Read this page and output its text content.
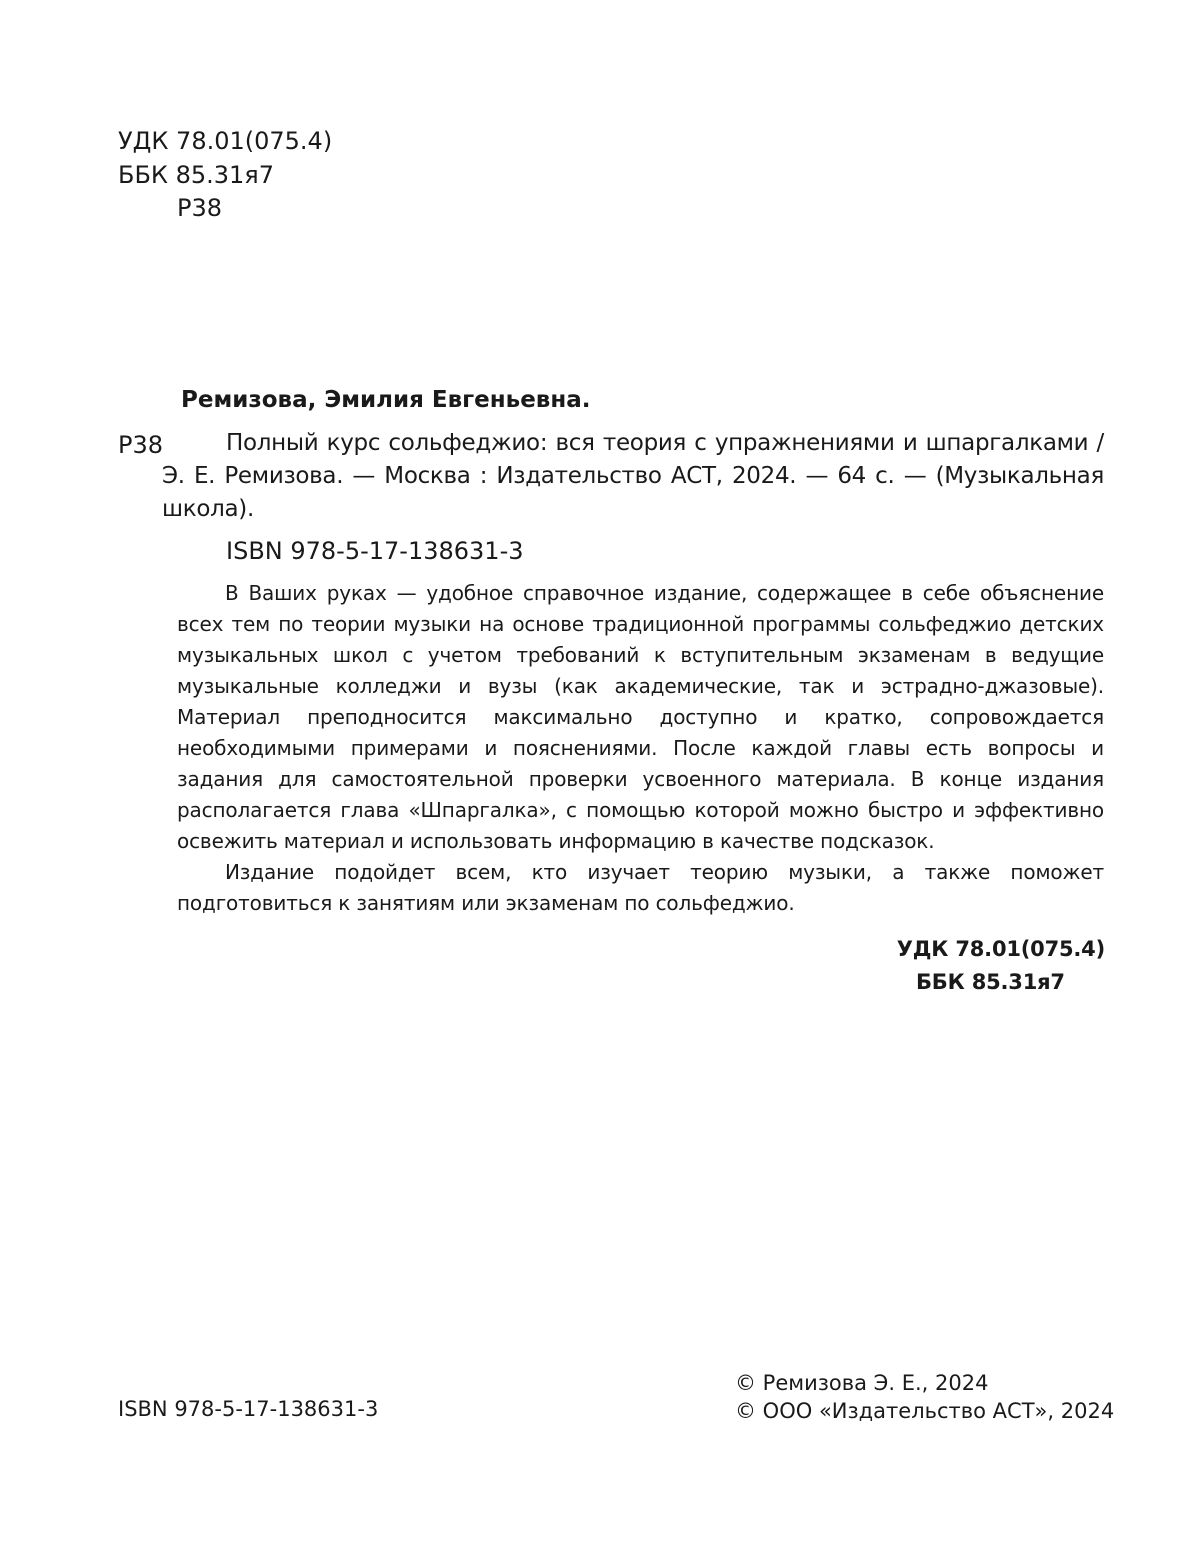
УДК 78.01(075.4)
ББК 85.31я7
Р38
Ремизова, Эмилия Евгеньевна.
Р38	Полный курс сольфеджио: вся теория с упражнениями и шпаргалками / Э. Е. Ремизова. — Москва : Издательство АСТ, 2024. — 64 с. — (Музыкальная школа).
ISBN 978-5-17-138631-3

В Ваших руках — удобное справочное издание, содержащее в себе объяснение всех тем по теории музыки на основе традиционной программы сольфеджио детских музыкальных школ с учетом требований к вступительным экзаменам в ведущие музыкальные колледжи и вузы (как академические, так и эстрадно-джазовые). Материал преподносится максимально доступно и кратко, сопровождается необходимыми примерами и пояснениями. После каждой главы есть вопросы и задания для самостоятельной проверки усвоенного материала. В конце издания располагается глава «Шпаргалка», с помощью которой можно быстро и эффективно освежить материал и использовать информацию в качестве подсказок.

Издание подойдет всем, кто изучает теорию музыки, а также поможет подготовиться к занятиям или экзаменам по сольфеджио.

УДК 78.01(075.4)
ББК 85.31я7
ISBN 978-5-17-138631-3
© Ремизова Э. Е., 2024
© ООО «Издательство АСТ», 2024
